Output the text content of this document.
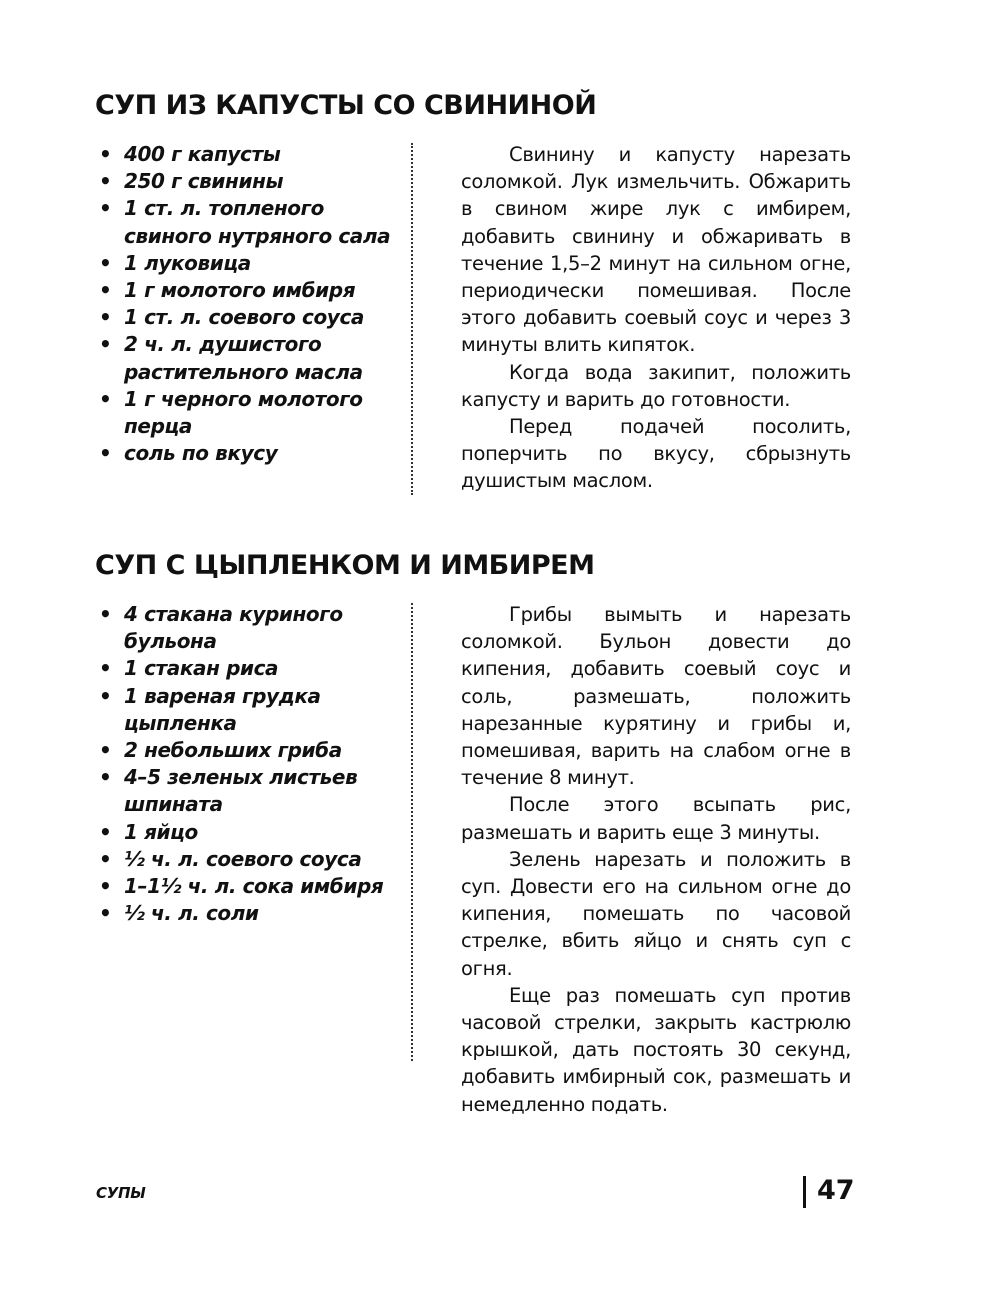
СУП ИЗ КАПУСТЫ СО СВИНИНОЙ
• 400 г капусты
• 250 г свинины
• 1 ст. л. топленого свиного нутряного сала
• 1 луковица
• 1 г молотого имбиря
• 1 ст. л. соевого соуса
• 2 ч. л. душистого растительного масла
• 1 г черного молотого перца
• соль по вкусу

Свинину и капусту нарезать соломкой. Лук измельчить. Обжарить в свином жире лук с имбирем, добавить свинину и обжаривать в течение 1,5–2 минут на сильном огне, периодически помешивая. После этого добавить соевый соус и через 3 минуты влить кипяток.

Когда вода закипит, положить капусту и варить до готовности.

Перед подачей посолить, поперчить по вкусу, сбрызнуть душистым маслом.

СУП С ЦЫПЛЕНКОМ И ИМБИРЕМ
• 4 стакана куриного бульона
• 1 стакан риса
• 1 вареная грудка цыпленка
• 2 небольших гриба
• 4–5 зеленых листьев шпината
• 1 яйцо
• ½ ч. л. соевого соуса
• 1–1½ ч. л. сока имбиря
• ½ ч. л. соли

Грибы вымыть и нарезать соломкой. Бульон довести до кипения, добавить соевый соус и соль, размешать, положить нарезанные курятину и грибы и, помешивая, варить на слабом огне в течение 8 минут.

После этого всыпать рис, размешать и варить еще 3 минуты.

Зелень нарезать и положить в суп. Довести его на сильном огне до кипения, помешать по часовой стрелке, вбить яйцо и снять суп с огня.

Еще раз помешать суп против часовой стрелки, закрыть кастрюлю крышкой, дать постоять 30 секунд, добавить имбирный сок, размешать и немедленно подать.

СУПЫ	47
